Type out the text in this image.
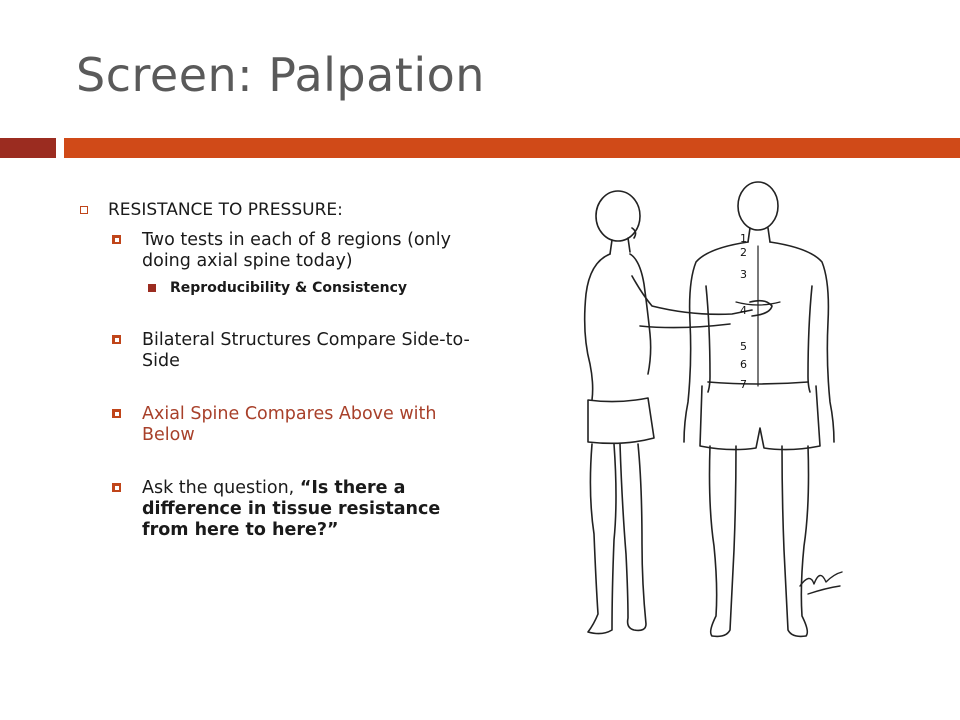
Screen: Palpation
RESISTANCE TO PRESSURE:
Two tests in each of 8 regions (only doing axial spine today)
Reproducibility & Consistency
Bilateral Structures Compare Side-to-Side
Axial Spine Compares Above with Below
Ask the question, “Is there a difference in tissue resistance from here to here?”
1
2
3
4
5
6
7
